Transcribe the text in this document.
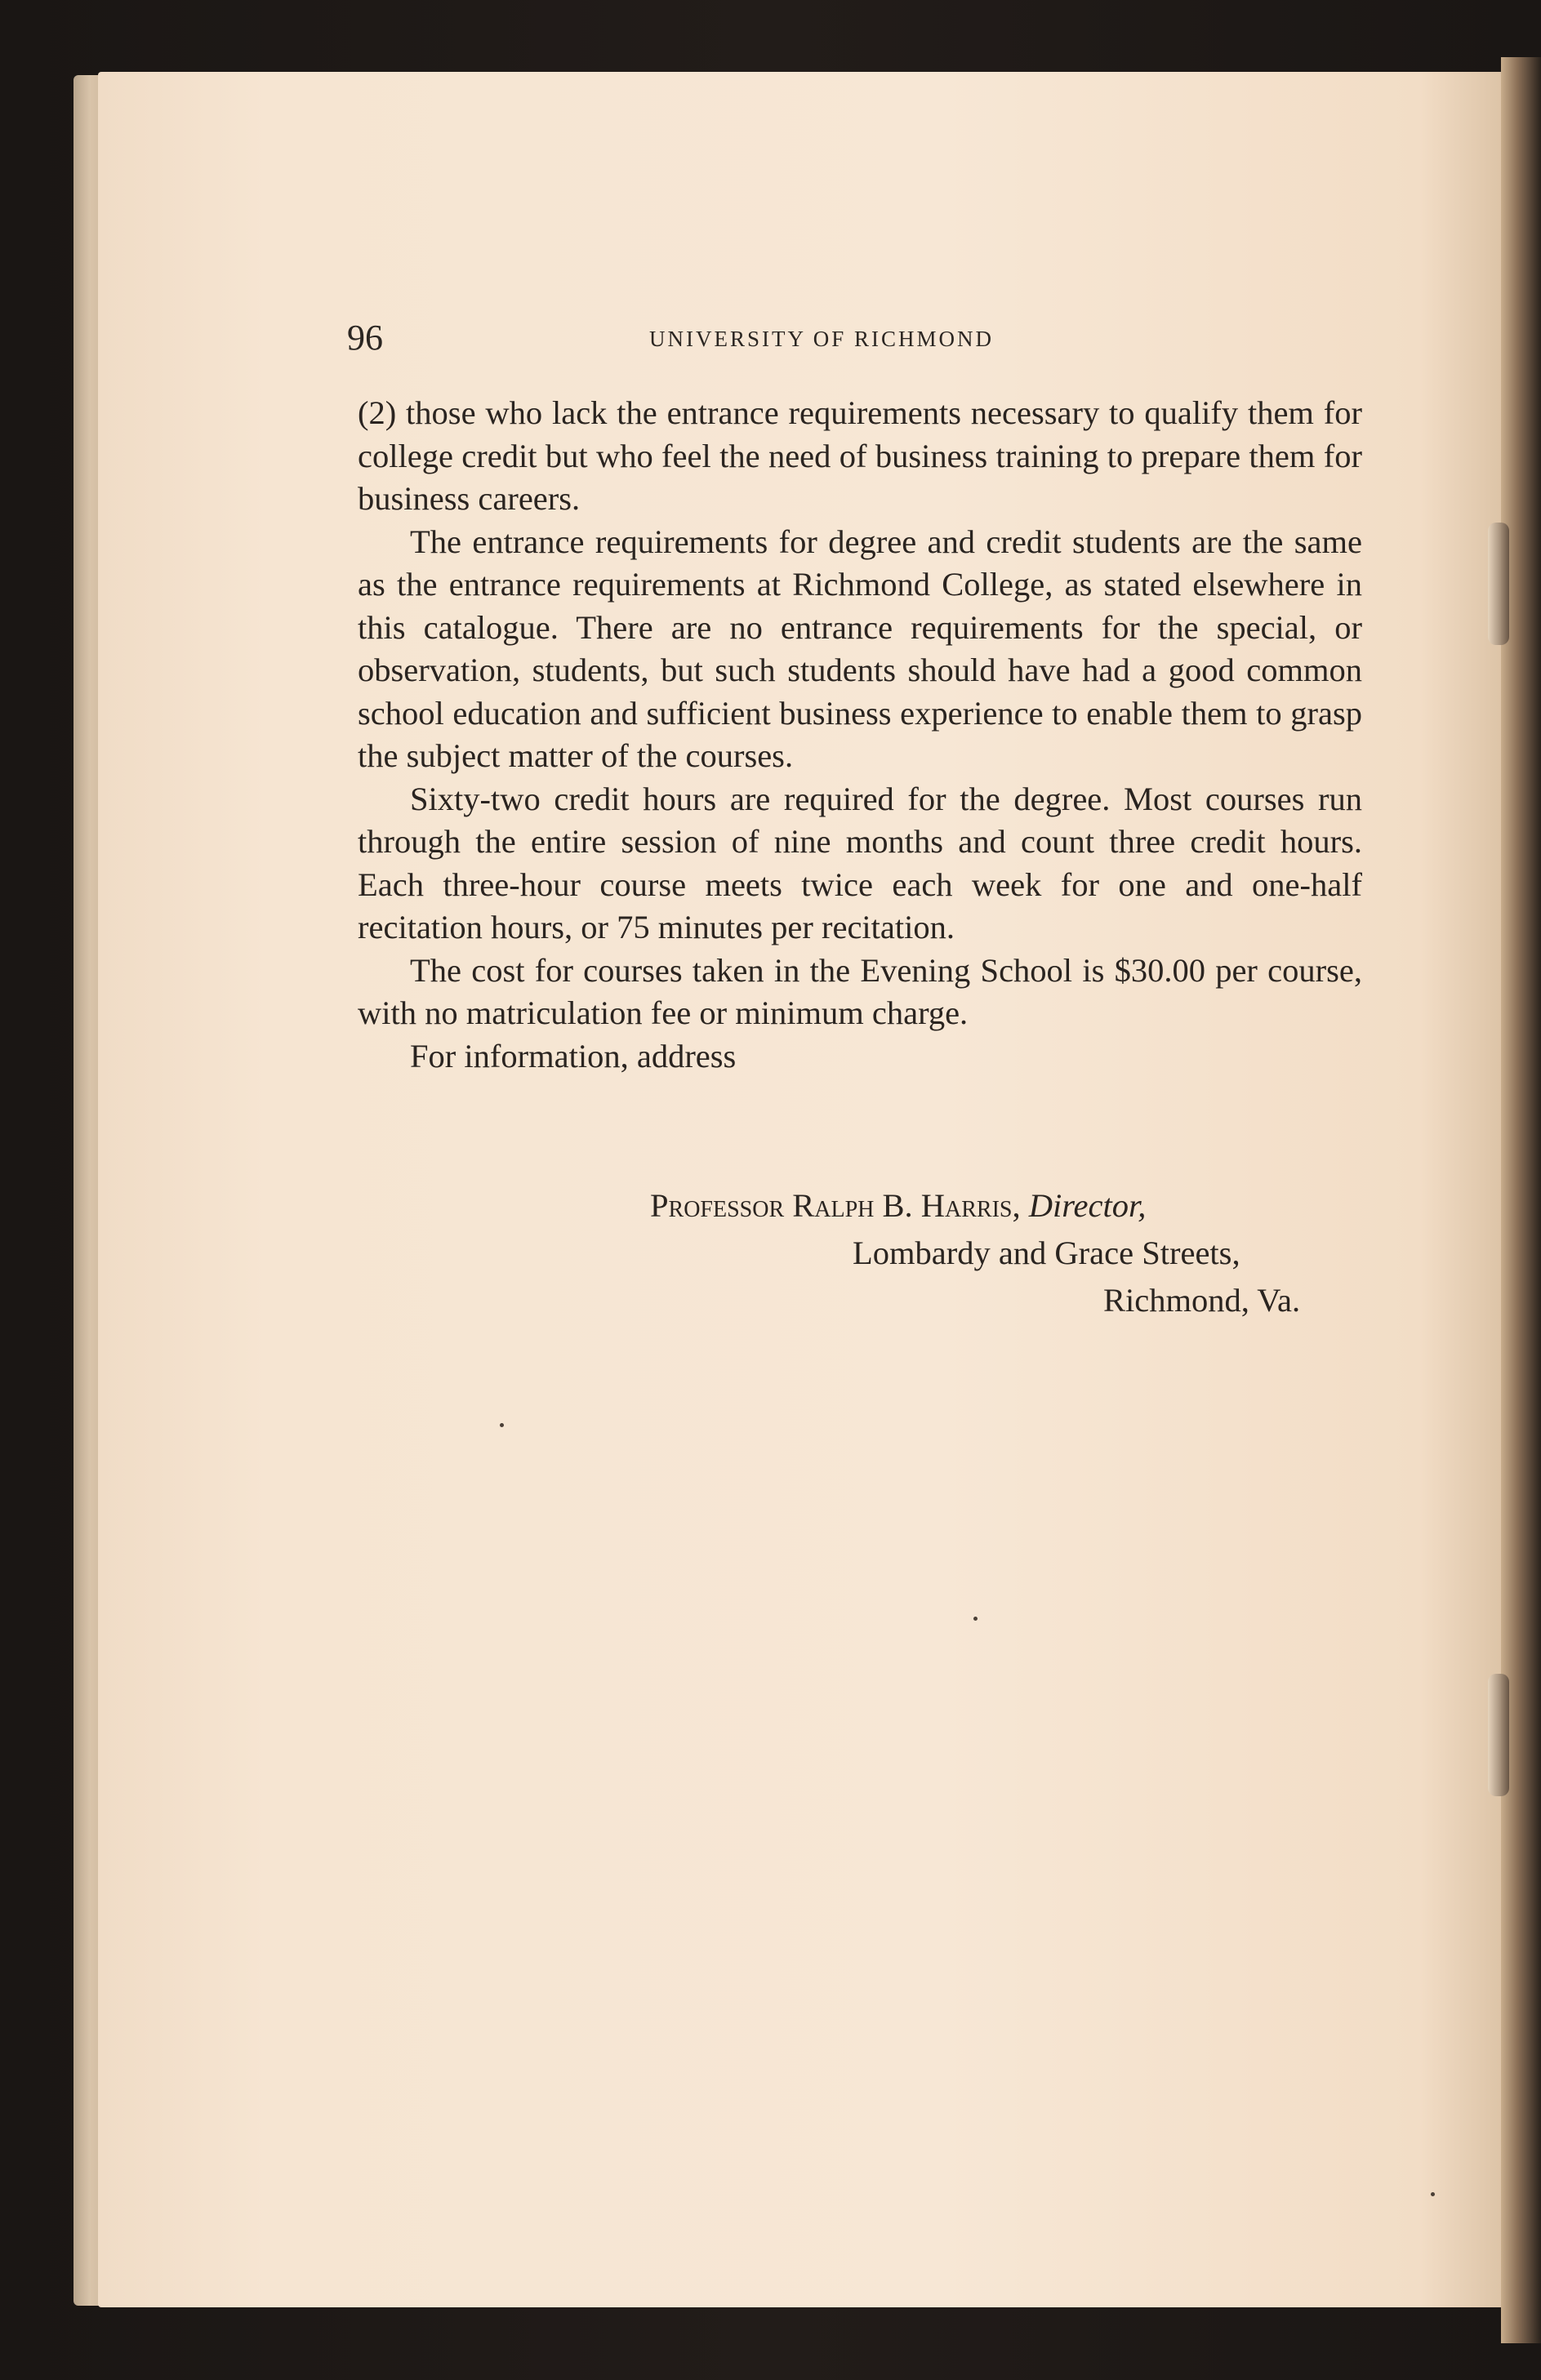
96	UNIVERSITY OF RICHMOND

(2) those who lack the entrance requirements necessary to qualify them for college credit but who feel the need of business training to prepare them for business careers.

The entrance requirements for degree and credit students are the same as the entrance requirements at Richmond College, as stated elsewhere in this catalogue. There are no entrance requirements for the special, or observation, students, but such students should have had a good common school education and sufficient business experience to enable them to grasp the subject matter of the courses.

Sixty-two credit hours are required for the degree. Most courses run through the entire session of nine months and count three credit hours. Each three-hour course meets twice each week for one and one-half recitation hours, or 75 minutes per recitation.

The cost for courses taken in the Evening School is $30.00 per course, with no matriculation fee or minimum charge.

For information, address

Professor Ralph B. Harris, Director,
Lombardy and Grace Streets,
Richmond, Va.
